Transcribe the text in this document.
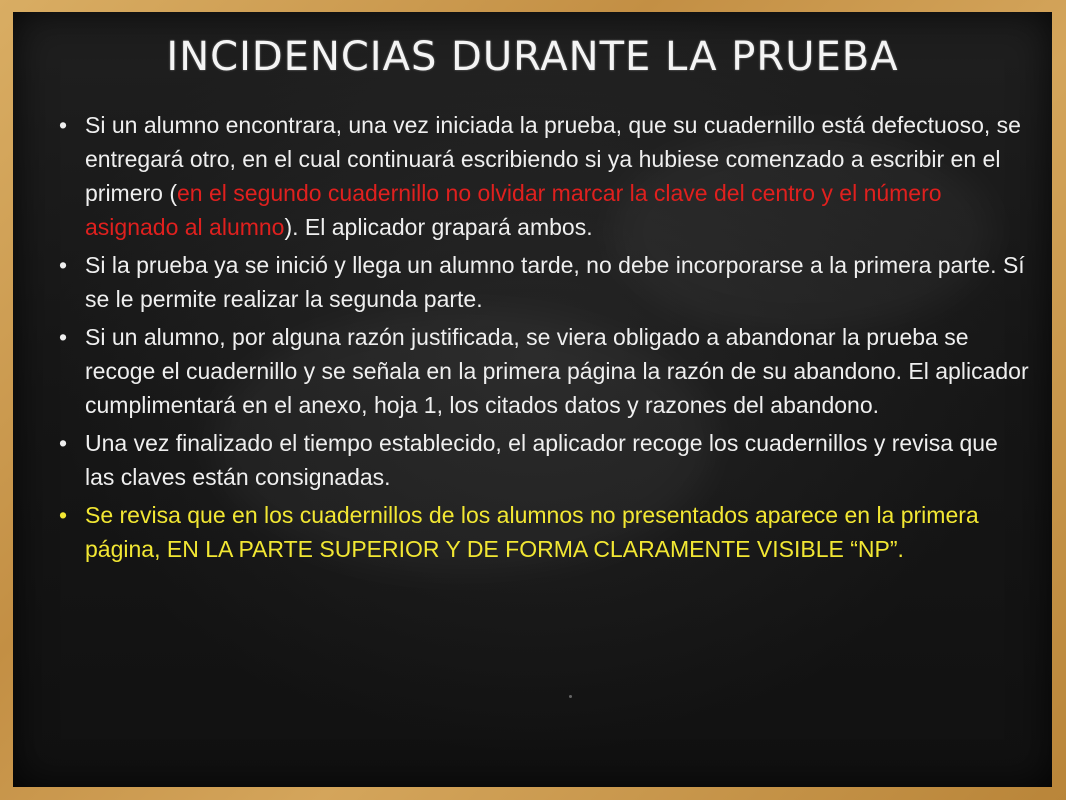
INCIDENCIAS DURANTE LA PRUEBA
• Si un alumno encontrara, una vez iniciada la prueba, que su cuadernillo está defectuoso, se entregará otro, en el cual continuará escribiendo si ya hubiese comenzado a escribir en el primero (en el segundo cuadernillo no olvidar marcar la clave del centro y el número asignado al alumno). El aplicador grapará ambos.
• Si la prueba ya se inició y llega un alumno tarde, no debe incorporarse a la primera parte. Sí se le permite realizar la segunda parte.
• Si un alumno, por alguna razón justificada, se viera obligado a abandonar la prueba se recoge el cuadernillo y se señala en la primera página la razón de su abandono. El aplicador cumplimentará en el anexo, hoja 1, los citados datos y razones del abandono.
• Una vez finalizado el tiempo establecido, el aplicador recoge los cuadernillos y revisa que las claves están consignadas.
• Se revisa que en los cuadernillos de los alumnos no presentados aparece en la primera página, EN LA PARTE SUPERIOR Y DE FORMA CLARAMENTE VISIBLE “NP”.
